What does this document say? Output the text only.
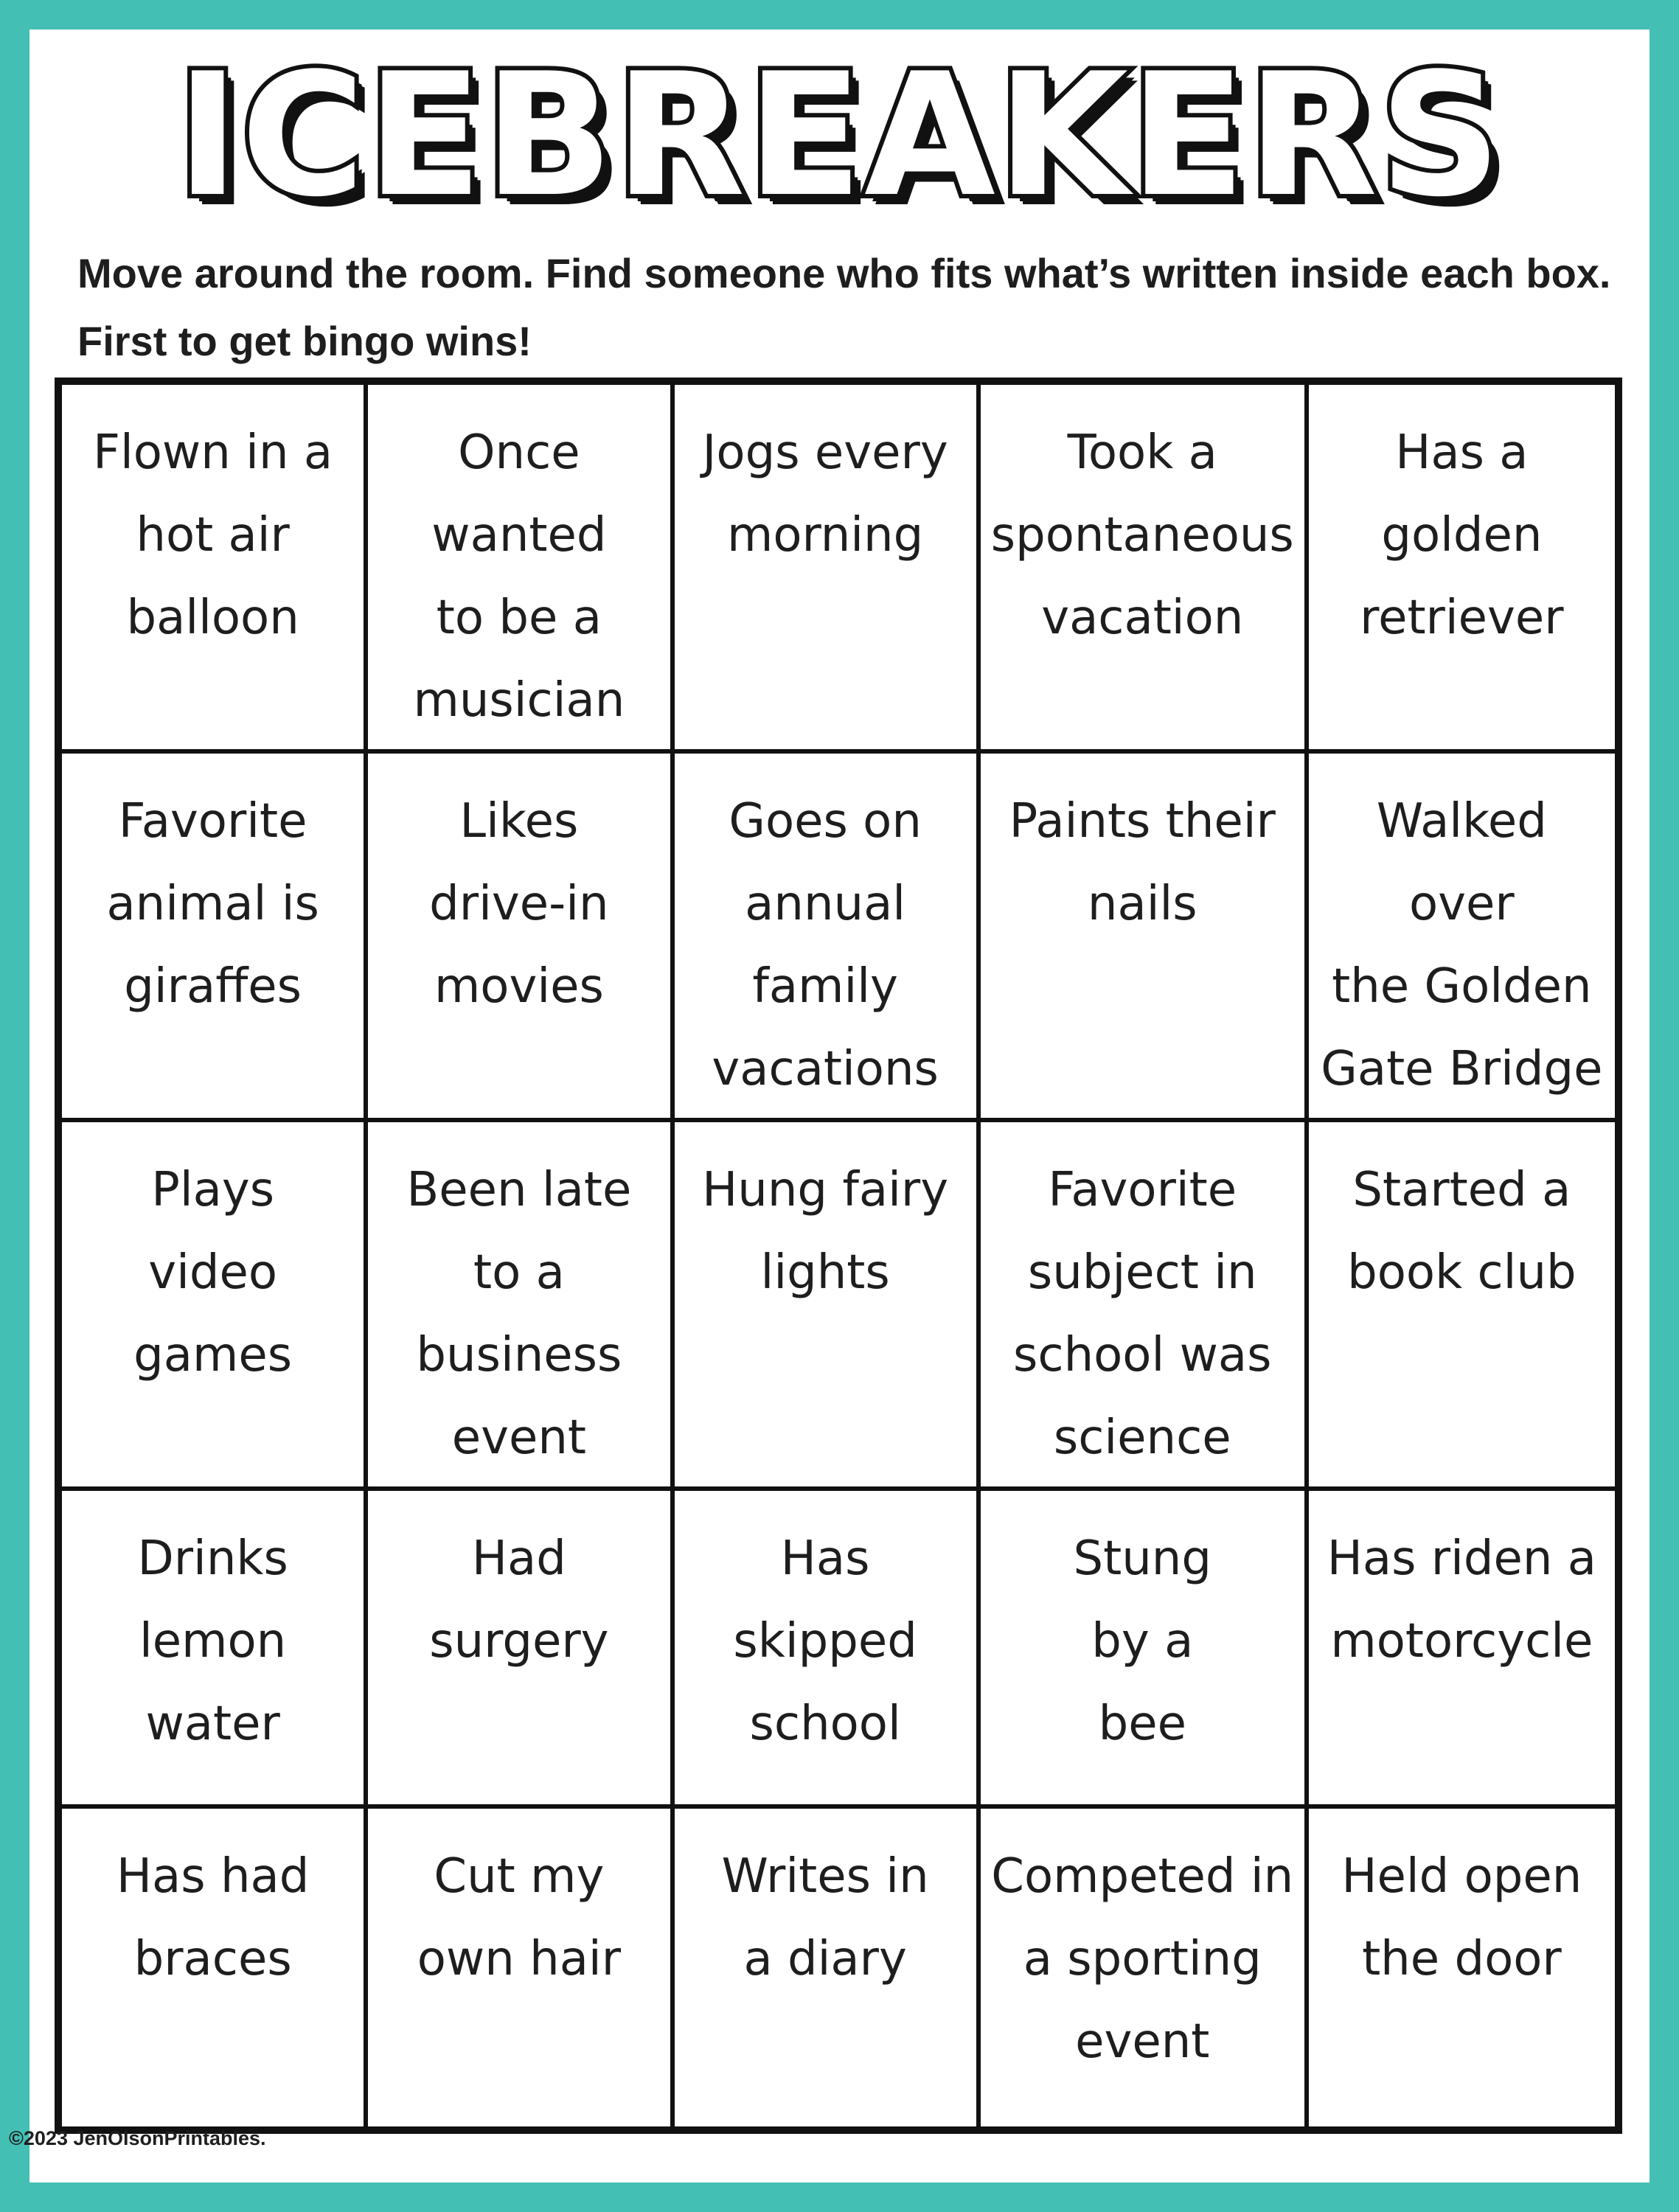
ICEBREAKERS
Move around the room. Find someone who fits what’s written inside each box.
First to get bingo wins!
Flown in a
hot air
balloon
Once
wanted
to be a
musician
Jogs every
morning
Took a
spontaneous
vacation
Has a
golden
retriever
Favorite
animal is
giraffes
Likes
drive-in
movies
Goes on
annual
family
vacations
Paints their
nails
Walked over
the Golden
Gate Bridge
Plays
video
games
Been late
to a
business
event
Hung fairy
lights
Favorite
subject in
school was
science
Started a
book club
Drinks
lemon
water
Had
surgery
Has skipped
school
Stung
by a
bee
Has riden a
motorcycle
Has had
braces
Cut my
own hair
Writes in
a diary
Competed in
a sporting
event
Held open
the door
©2023 JenOlsonPrintables.
